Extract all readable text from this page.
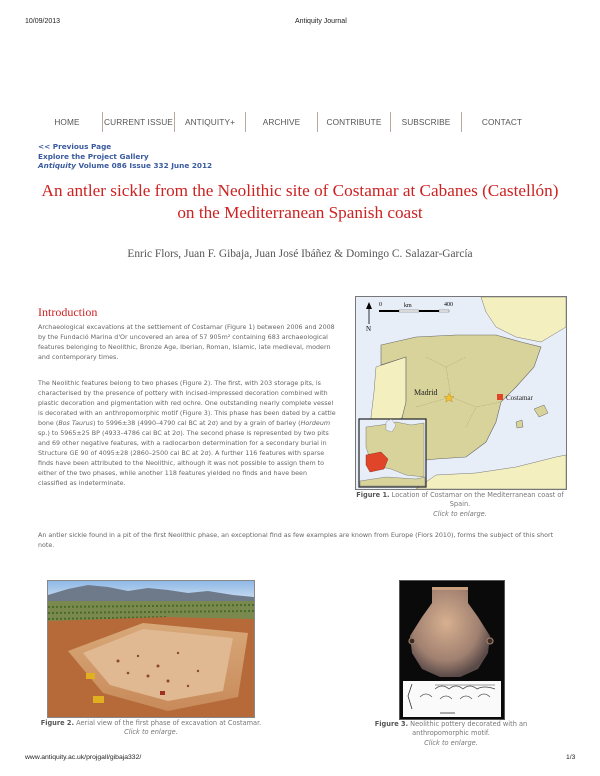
10/09/2013	Antiquity Journal
HOME	CURRENT ISSUE	ANTIQUITY+	ARCHIVE	CONTRIBUTE	SUBSCRIBE	CONTACT
<< Previous Page
Explore the Project Gallery
Antiquity Volume 086 Issue 332 June 2012
An antler sickle from the Neolithic site of Costamar at Cabanes (Castellón)
on the Mediterranean Spanish coast
Enric Flors, Juan F. Gibaja, Juan José Ibáñez & Domingo C. Salazar-García
Introduction
Archaeological excavations at the settlement of Costamar (Figure 1) between 2006 and 2008 by the Fundació Marina d'Or uncovered an area of 57 905m² containing 683 archaeological features belonging to Neolithic, Bronze Age, Iberian, Roman, Islamic, late medieval, modern and contemporary times.
The Neolithic features belong to two phases (Figure 2). The first, with 203 storage pits, is characterised by the presence of pottery with incised-impressed decoration combined with plastic decoration and pigmentation with red ochre. One outstanding nearly complete vessel is decorated with an anthropomorphic motif (Figure 3). This phase has been dated by a cattle bone (Bos Taurus) to 5996±38 (4990–4790 cal BC at 2σ) and by a grain of barley (Hordeum sp.) to 5965±25 BP (4933–4786 cal BC at 2σ). The second phase is represented by two pits and 69 other negative features, with a radiocarbon determination for a secondary burial in Structure GE 90 of 4095±28 (2860–2500 cal BC at 2σ). A further 116 features with sparse finds have been attributed to the Neolithic, although it was not possible to assign them to either of the two phases, while another 118 features yielded no finds and have been classified as indeterminate.
An antler sickle found in a pit of the first Neolithic phase, an exceptional find as few examples are known from Europe (Flors 2010), forms the subject of this short note.
N
0	km	400
Madrid
Costamar
Figure 1. Location of Costamar on the Mediterranean coast of Spain.
Click to enlarge.
Figure 2. Aerial view of the first phase of excavation at Costamar.
Click to enlarge.
Figure 3. Neolithic pottery decorated with an anthropomorphic motif.
Click to enlarge.
www.antiquity.ac.uk/projgall/gibaja332/	1/3
